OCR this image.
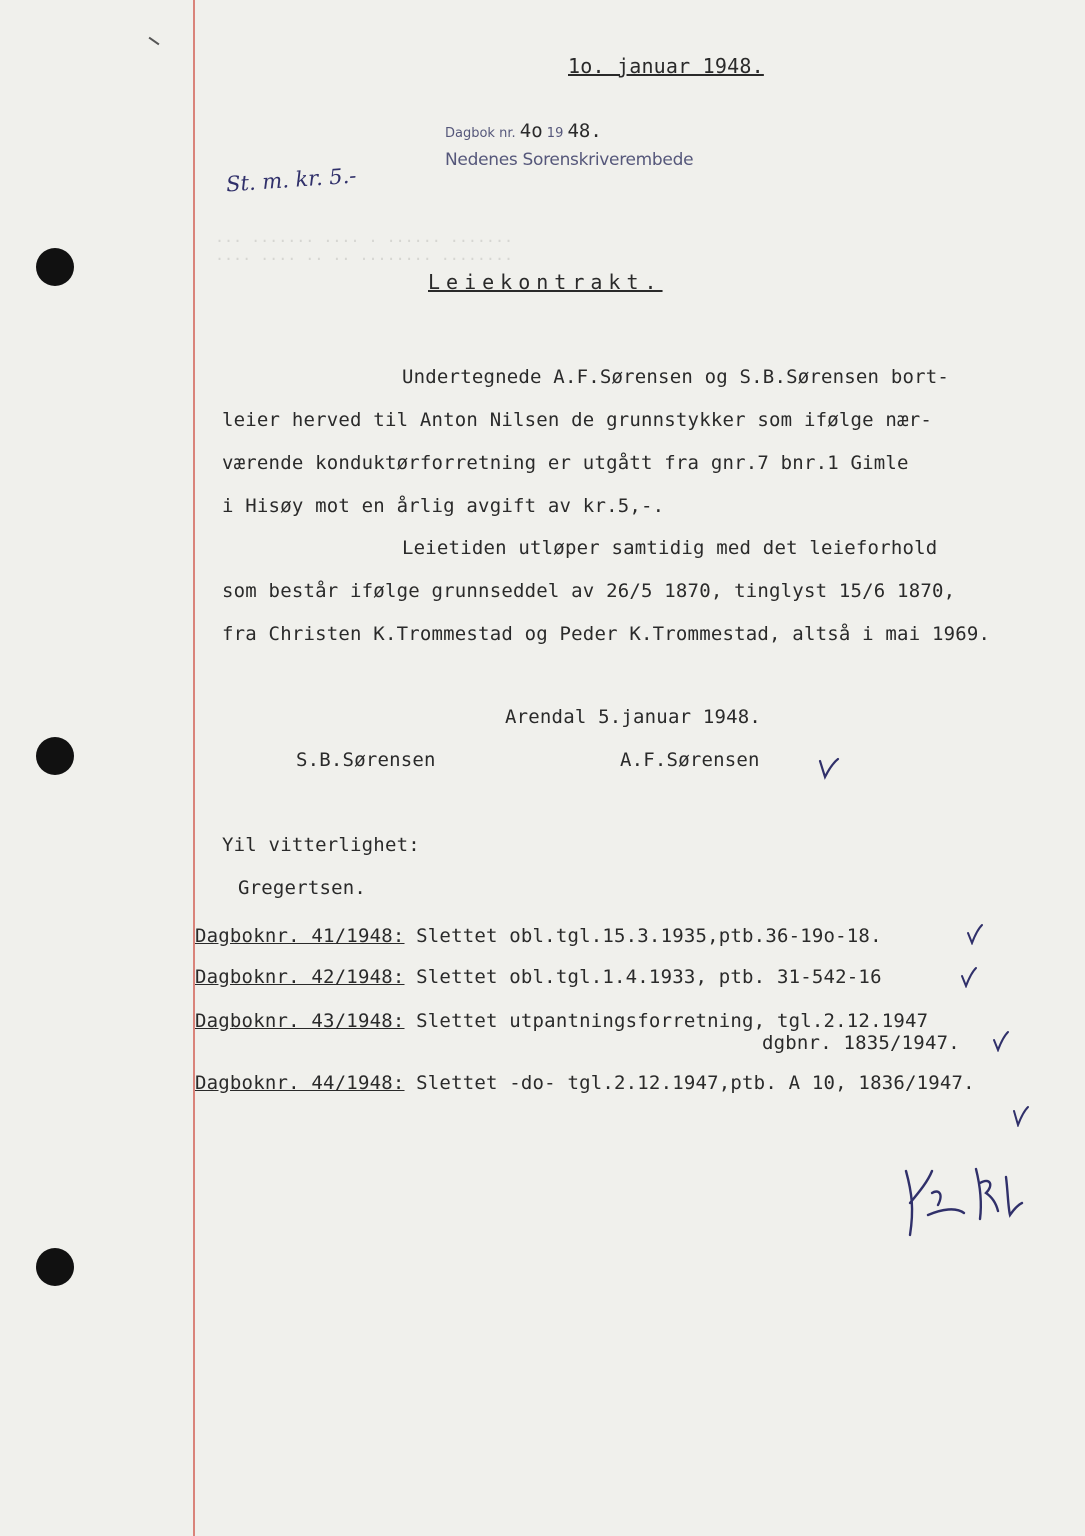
1o. januar 1948.
Dagbok nr. 4o 19 48.
Nedenes Sorenskriverembede
St. m. kr. 5.-
··· ······· ···· · ······ ·······
···· ···· ·· ·· ········ ········
Leiekontrakt.
Undertegnede A.F.Sørensen og S.B.Sørensen bort-
leier herved til Anton Nilsen de grunnstykker som ifølge nær-
værende konduktørforretning er utgått fra gnr.7 bnr.1 Gimle
i Hisøy mot en årlig avgift av kr.5,-.
Leietiden utløper samtidig med det leieforhold
som består ifølge grunnseddel av 26/5 1870, tinglyst 15/6 1870,
fra Christen K.Trommestad og Peder K.Trommestad, altså i mai 1969.
Arendal 5.januar 1948.
S.B.Sørensen	A.F.Sørensen
Yil vitterlighet:
Gregertsen.
Dagboknr. 41/1948: Slettet obl.tgl.15.3.1935,ptb.36-19o-18.
Dagboknr. 42/1948: Slettet obl.tgl.1.4.1933, ptb. 31-542-16
Dagboknr. 43/1948: Slettet utpantningsforretning, tgl.2.12.1947
dgbnr. 1835/1947.
Dagboknr. 44/1948: Slettet -do- tgl.2.12.1947,ptb. A 10, 1836/1947.
